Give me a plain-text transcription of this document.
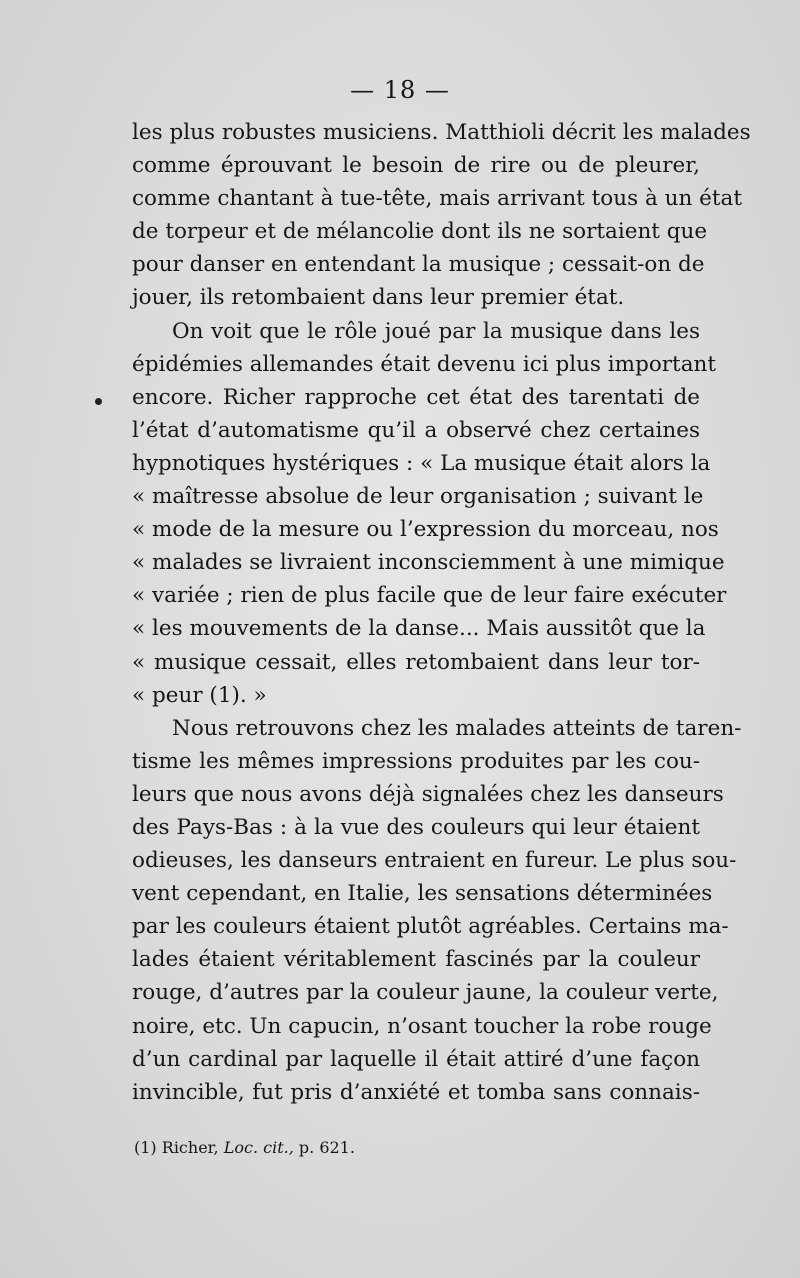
— 18 —
les plus robustes musiciens. Matthioli décrit les malades
comme éprouvant le besoin de rire ou de pleurer,
comme chantant à tue-tête, mais arrivant tous à un état
de torpeur et de mélancolie dont ils ne sortaient que
pour danser en entendant la musique ; cessait-on de
jouer, ils retombaient dans leur premier état.
On voit que le rôle joué par la musique dans les
épidémies allemandes était devenu ici plus important
encore. Richer rapproche cet état des tarentati de
l’état d’automatisme qu’il a observé chez certaines
hypnotiques hystériques : « La musique était alors la
« maîtresse absolue de leur organisation ; suivant le
« mode de la mesure ou l’expression du morceau, nos
« malades se livraient inconsciemment à une mimique
« variée ; rien de plus facile que de leur faire exécuter
« les mouvements de la danse... Mais aussitôt que la
« musique cessait, elles retombaient dans leur tor-
« peur (1). »
Nous retrouvons chez les malades atteints de taren-
tisme les mêmes impressions produites par les cou-
leurs que nous avons déjà signalées chez les danseurs
des Pays-Bas : à la vue des couleurs qui leur étaient
odieuses, les danseurs entraient en fureur. Le plus sou-
vent cependant, en Italie, les sensations déterminées
par les couleurs étaient plutôt agréables. Certains ma-
lades étaient véritablement fascinés par la couleur
rouge, d’autres par la couleur jaune, la couleur verte,
noire, etc. Un capucin, n’osant toucher la robe rouge
d’un cardinal par laquelle il était attiré d’une façon
invincible, fut pris d’anxiété et tomba sans connais-
(1) Richer, Loc. cit., p. 621.
